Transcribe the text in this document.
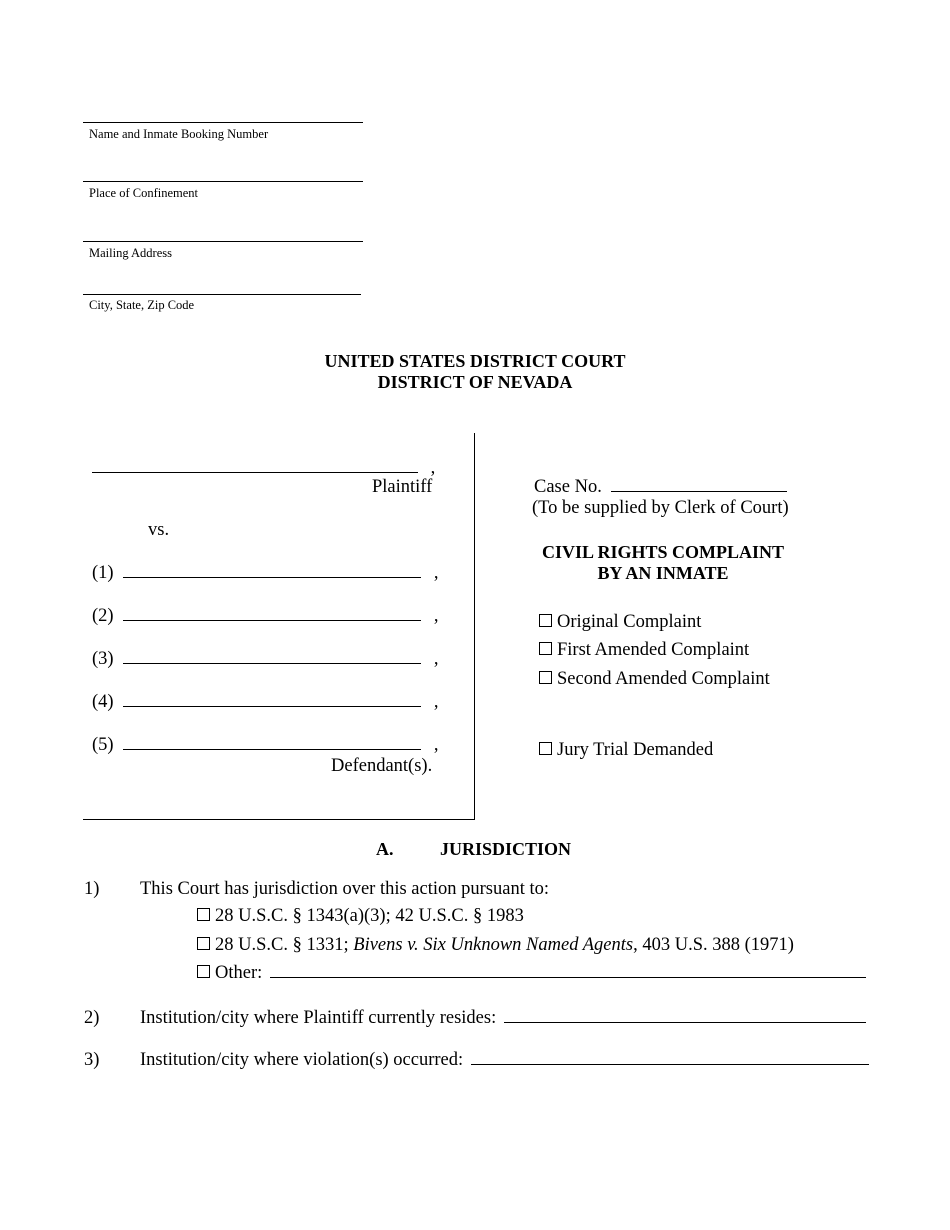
Name and Inmate Booking Number
Place of Confinement
Mailing Address
City, State, Zip Code
UNITED STATES DISTRICT COURT
DISTRICT OF NEVADA
,
Plaintiff
vs.
(1)	,
(2)	,
(3)	,
(4)	,
(5)	,
Defendant(s).
Case No.
(To be supplied by Clerk of Court)
CIVIL RIGHTS COMPLAINT
BY AN INMATE
Original Complaint
First Amended Complaint
Second Amended Complaint
Jury Trial Demanded
A.	JURISDICTION
1) This Court has jurisdiction over this action pursuant to:
28 U.S.C. § 1343(a)(3); 42 U.S.C. § 1983
28 U.S.C. § 1331; Bivens v. Six Unknown Named Agents, 403 U.S. 388 (1971)
Other:
2) Institution/city where Plaintiff currently resides:
3) Institution/city where violation(s) occurred:
